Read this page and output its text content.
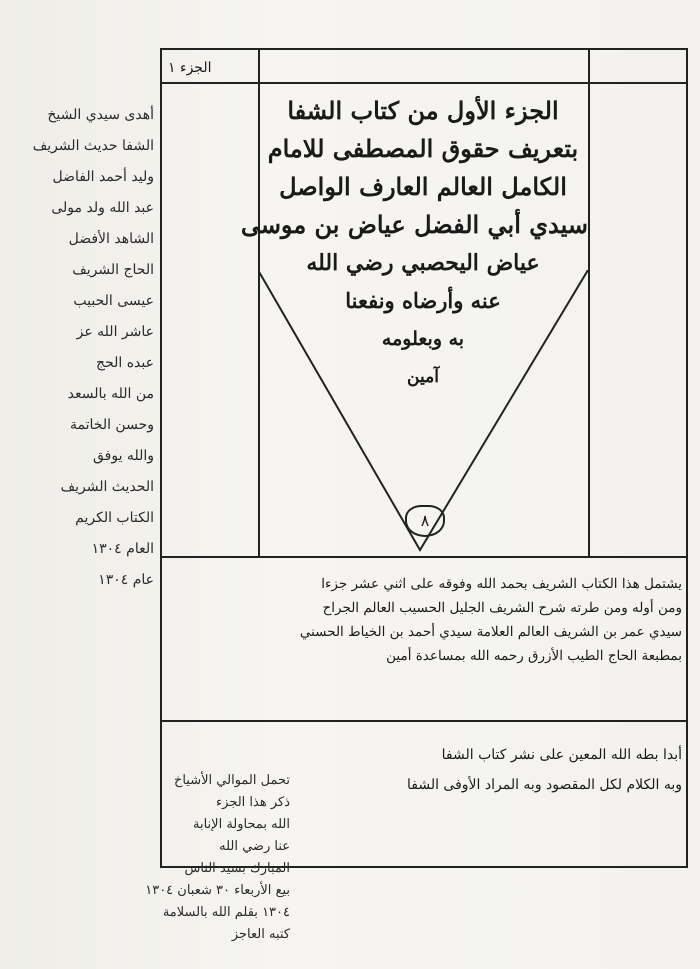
الجزء ١
الجزء الأول من كتاب الشفا
بتعريف حقوق المصطفى للامام
الكامل العالم العارف الواصل
سيدي أبي الفضل عياض بن موسى
عياض اليحصبي رضي الله
عنه وأرضاه ونفعنا
به وبعلومه
آمين
٨
يشتمل هذا الكتاب الشريف بحمد الله وفوقه على اثني عشر جزءا
ومن أوله ومن طرته شرح الشريف الجليل الحسيب العالم الجراح
سيدي عمر بن الشريف العالم العلامة سيدي أحمد بن الخياط الحسني
بمطبعة الحاج الطيب الأزرق رحمه الله بمساعدة أمين
أبدا بطه الله المعين على نشر كتاب الشفا
وبه الكلام لكل المقصود وبه المراد الأوفى الشفا
أهدى سيدي الشيخ
الشفا حديث الشريف
وليد أحمد الفاضل
عبد الله ولد مولى
الشاهد الأفضل
الحاج الشريف
عيسى الحبيب
عاشر الله عز
عبده الحج
من الله بالسعد
وحسن الخاتمة
والله يوفق
الحديث الشريف
الكتاب الكريم
العام ١٣٠٤
عام ١٣٠٤
تحمل الموالي الأشياخ
ذكر هذا الجزء
الله بمحاولة الإنابة
عنا رضي الله
المبارك بسيد الناس
بيع الأربعاء ٣٠ شعبان ١٣٠٤
١٣٠٤ بقلم الله بالسلامة
كتبه العاجز
